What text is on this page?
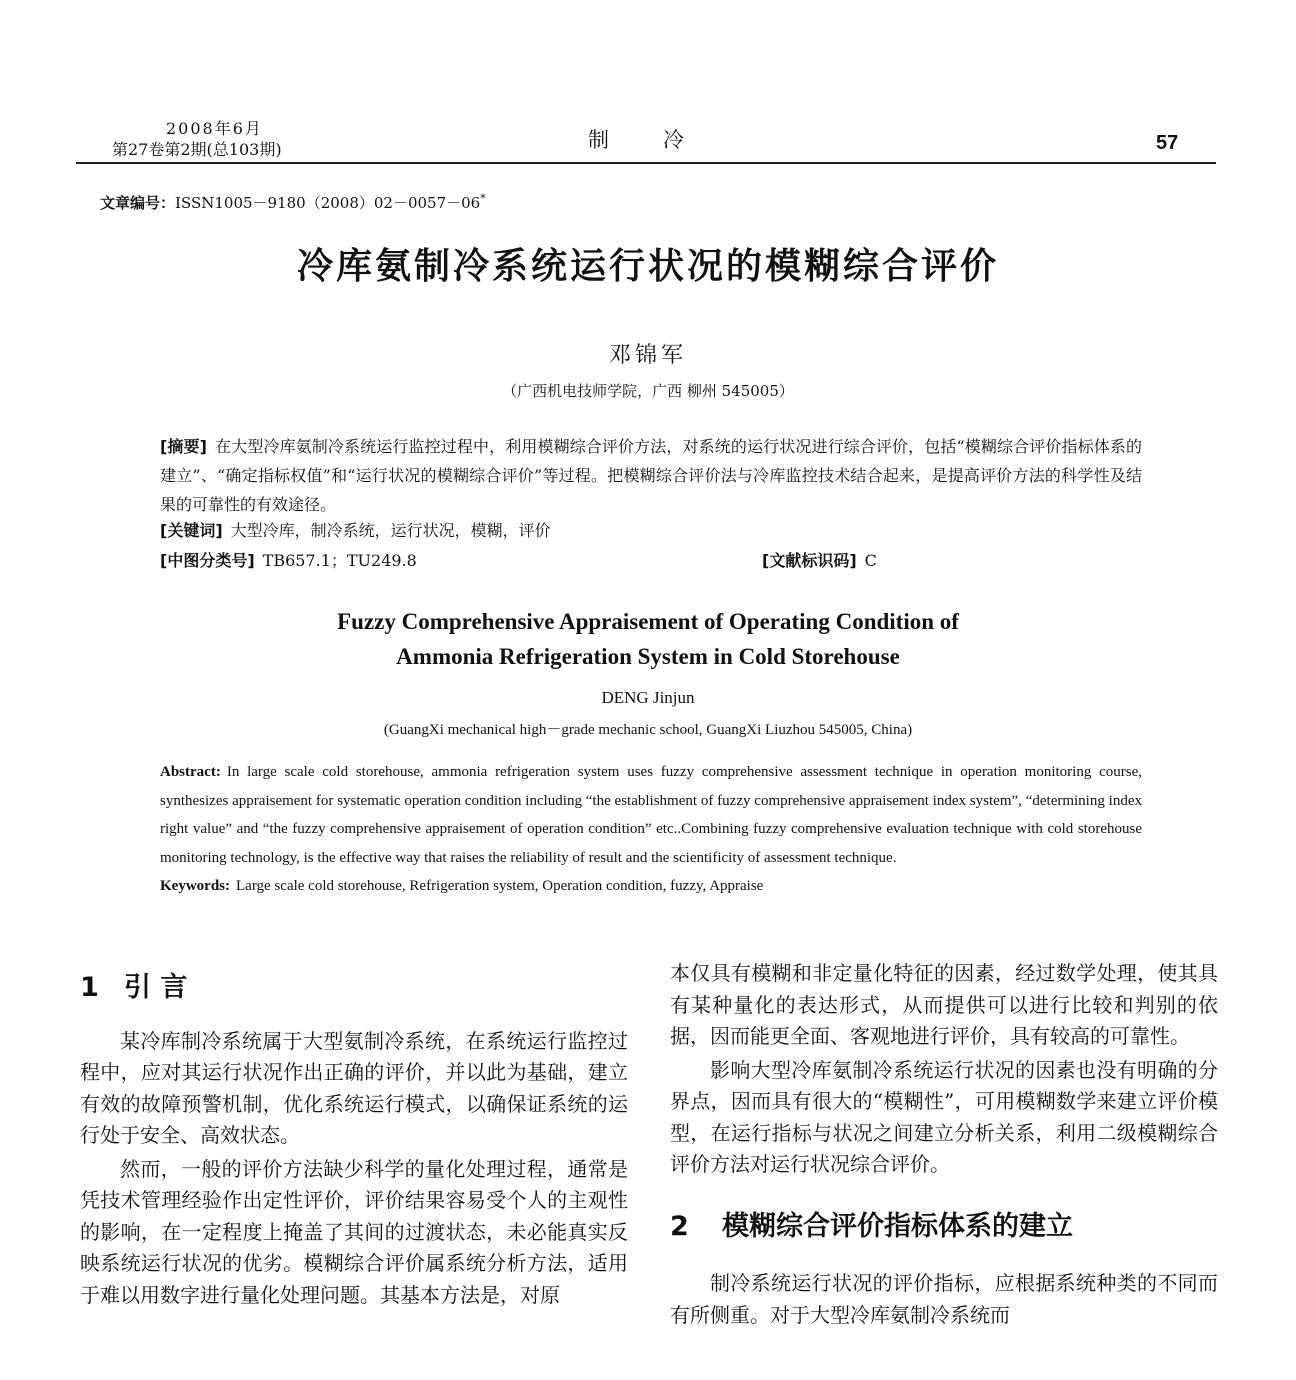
2008年6月
第27卷第2期(总103期)	制冷	57
文章编号：ISSN1005－9180（2008）02－0057－06*
冷库氨制冷系统运行状况的模糊综合评价
邓锦军
（广西机电技师学院，广西 柳州 545005）
[摘要] 在大型冷库氨制冷系统运行监控过程中，利用模糊综合评价方法，对系统的运行状况进行综合评价，包括“模糊综合评价指标体系的建立”、“确定指标权值”和“运行状况的模糊综合评价”等过程。把模糊综合评价法与冷库监控技术结合起来，是提高评价方法的科学性及结果的可靠性的有效途径。
[关键词] 大型冷库，制冷系统，运行状况，模糊，评价
[中图分类号] TB657.1；TU249.8	[文献标识码] C
Fuzzy Comprehensive Appraisement of Operating Condition of
Ammonia Refrigeration System in Cold Storehouse
DENG Jinjun
(GuangXi mechanical high－grade mechanic school, GuangXi Liuzhou 545005, China)
Abstract: In large scale cold storehouse, ammonia refrigeration system uses fuzzy comprehensive assessment technique in operation monitoring course, synthesizes appraisement for systematic operation condition including “the establishment of fuzzy comprehensive appraisement index system”, “determining index right value” and “the fuzzy comprehensive appraisement of operation condition” etc..Combining fuzzy comprehensive evaluation technique with cold storehouse monitoring technology, is the effective way that raises the reliability of result and the scientificity of assessment technique.
Keywords: Large scale cold storehouse, Refrigeration system, Operation condition, fuzzy, Appraise
1 引 言

某冷库制冷系统属于大型氨制冷系统，在系统运行监控过程中，应对其运行状况作出正确的评价，并以此为基础，建立有效的故障预警机制，优化系统运行模式，以确保证系统的运行处于安全、高效状态。

然而，一般的评价方法缺少科学的量化处理过程，通常是凭技术管理经验作出定性评价，评价结果容易受个人的主观性的影响，在一定程度上掩盖了其间的过渡状态，未必能真实反映系统运行状况的优劣。模糊综合评价属系统分析方法，适用于难以用数字进行量化处理问题。其基本方法是，对原

本仅具有模糊和非定量化特征的因素，经过数学处理，使其具有某种量化的表达形式，从而提供可以进行比较和判别的依据，因而能更全面、客观地进行评价，具有较高的可靠性。

影响大型冷库氨制冷系统运行状况的因素也没有明确的分界点，因而具有很大的“模糊性”，可用模糊数学来建立评价模型，在运行指标与状况之间建立分析关系，利用二级模糊综合评价方法对运行状况综合评价。

2 模糊综合评价指标体系的建立

制冷系统运行状况的评价指标，应根据系统种类的不同而有所侧重。对于大型冷库氨制冷系统而
